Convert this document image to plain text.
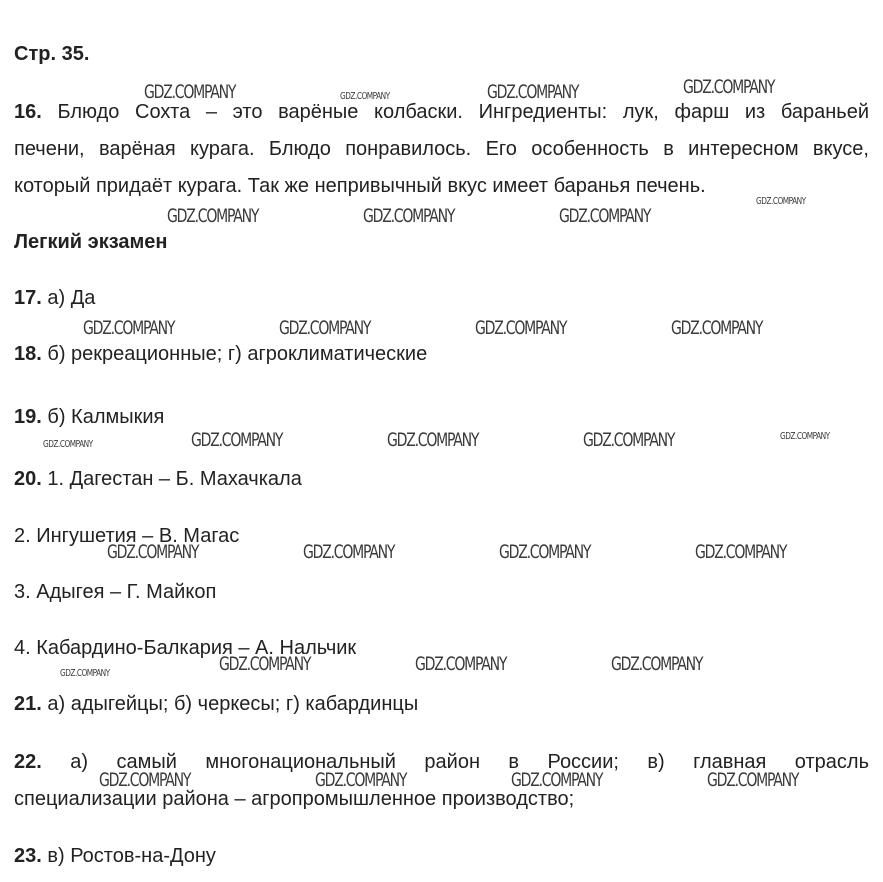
Стр. 35.
16. Блюдо Сохта – это варёные колбаски. Ингредиенты: лук, фарш из бараньей
печени, варёная курага. Блюдо понравилось. Его особенность в интересном вкусе,
который придаёт курага. Так же непривычный вкус имеет баранья печень.
Легкий экзамен
17. а) Да
18. б) рекреационные; г) агроклиматические
19. б) Калмыкия
20. 1. Дагестан – Б. Махачкала
2. Ингушетия – В. Магас
3. Адыгея – Г. Майкоп
4. Кабардино-Балкария – А. Нальчик
21. а) адыгейцы; б) черкесы; г) кабардинцы
22. а) самый многонациональный район в России; в) главная отрасль
специализации района – агропромышленное производство;
23. в) Ростов-на-Дону
GDZ.COMPANY	GDZ.COMPANY	GDZ.COMPANY	GDZ.COMPANY
GDZ.COMPANY
GDZ.COMPANY	GDZ.COMPANY	GDZ.COMPANY
GDZ.COMPANY	GDZ.COMPANY	GDZ.COMPANY	GDZ.COMPANY
GDZ.COMPANY	GDZ.COMPANY	GDZ.COMPANY	GDZ.COMPANY	GDZ.COMPANY
GDZ.COMPANY	GDZ.COMPANY	GDZ.COMPANY	GDZ.COMPANY
GDZ.COMPANY	GDZ.COMPANY	GDZ.COMPANY	GDZ.COMPANY
GDZ.COMPANY	GDZ.COMPANY	GDZ.COMPANY	GDZ.COMPANY
